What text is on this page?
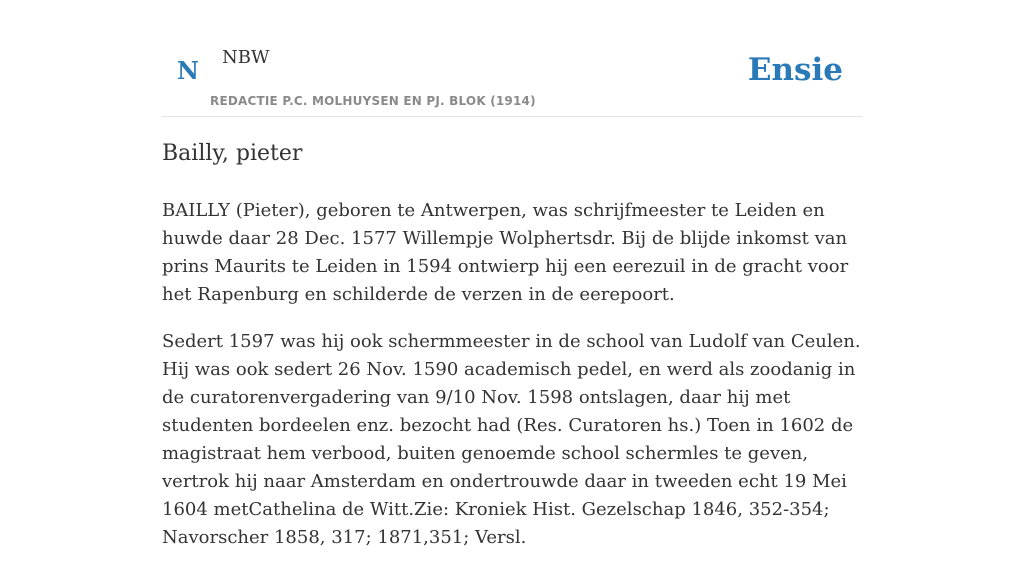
N NBW
REDACTIE P.C. MOLHUYSEN EN PJ. BLOK (1914)
Ensie
Bailly, pieter

BAILLY (Pieter), geboren te Antwerpen, was schrijfmeester te Leiden en huwde daar 28 Dec. 1577 Willempje Wolphertsdr. Bij de blijde inkomst van prins Maurits te Leiden in 1594 ontwierp hij een eerezuil in de gracht voor het Rapenburg en schilderde de verzen in de eerepoort.

Sedert 1597 was hij ook schermmeester in de school van Ludolf van Ceulen. Hij was ook sedert 26 Nov. 1590 academisch pedel, en werd als zoodanig in de curatorenvergadering van 9/10 Nov. 1598 ontslagen, daar hij met studenten bordeelen enz. bezocht had (Res. Curatoren hs.) Toen in 1602 de magistraat hem verbood, buiten genoemde school schermles te geven, vertrok hij naar Amsterdam en ondertrouwde daar in tweeden echt 19 Mei 1604 metCathelina de Witt.Zie: Kroniek Hist. Gezelschap 1846, 352-354; Navorscher 1858, 317; 1871,351; Versl.
